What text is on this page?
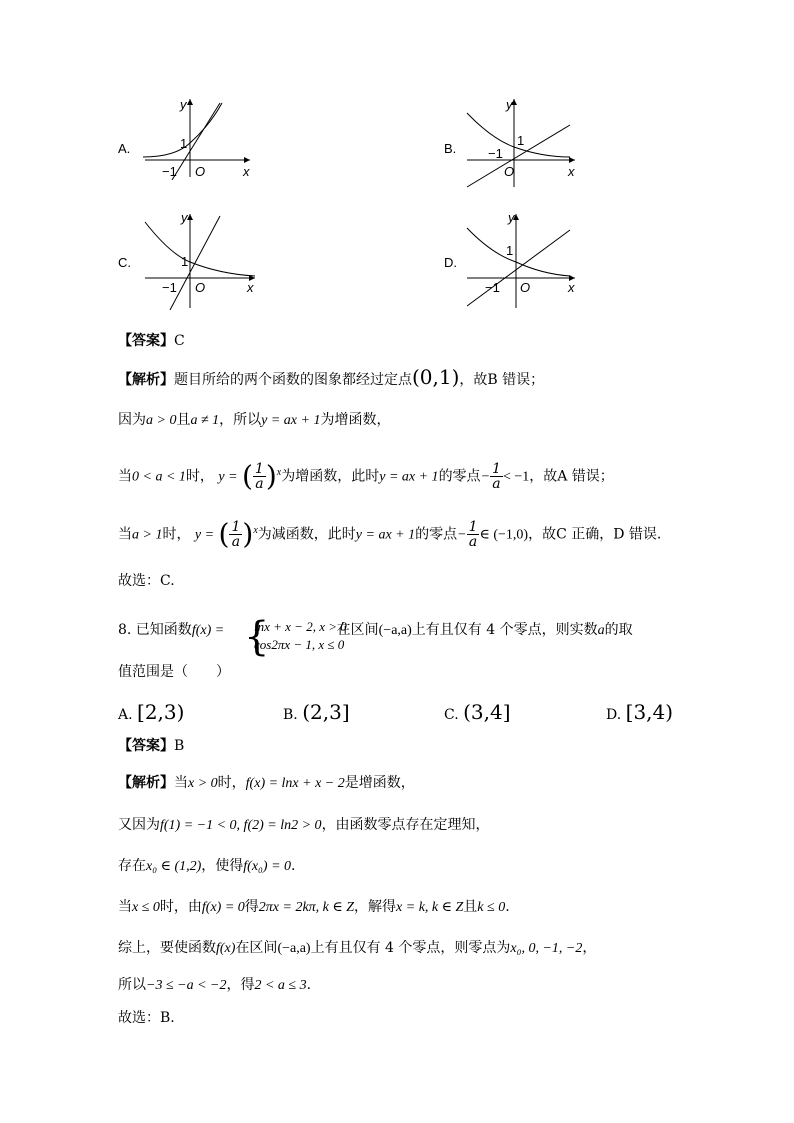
A.
y
1
−1 O	x
B.
y
1
−1
O	x
C.
y
1
−1 O	x
D.
y
1
−1 O	x
【答案】C
【解析】题目所给的两个函数的图象都经过定点(0,1)，故B 错误；
因为a > 0且a ≠ 1，所以y = ax + 1为增函数，
当0 < a < 1时， y = ( $\frac{1}{a} )^x$为增函数，此时y = ax + 1的零点− $\frac{1}{a} < -1$，故A 错误；
当a > 1时， y = ( $\frac{1}{a} )^x$为减函数，此时y = ax + 1的零点− $\frac{1}{a}$ ∈ (−1,0)，故C 正确，D 错误.
故选：C.
8. 已知函数f(x) =	在区间(−a,a)上有且仅有 4 个零点，则实数a的取
{
lnx + x − 2, x > 0
cos2πx − 1, x ≤ 0
值范围是（　　）
A. [2,3)	B. (2,3]	C. (3,4]	D. [3,4)
【答案】B
【解析】当x > 0时，f(x) = lnx + x − 2是增函数，
又因为f(1) = −1 < 0, f(2) = ln2 > 0，由函数零点存在定理知，
存在x₀ ∈ (1,2)，使得f(x₀) = 0.
当x ≤ 0时，由f(x) = 0得2πx = 2kπ, k ∈ Z，解得x = k, k ∈ Z且k ≤ 0.
综上，要使函数f(x)在区间(−a,a)上有且仅有 4 个零点，则零点为x₀, 0, −1, −2，
所以−3 ≤ −a < −2，得2 < a ≤ 3.
故选：B.
